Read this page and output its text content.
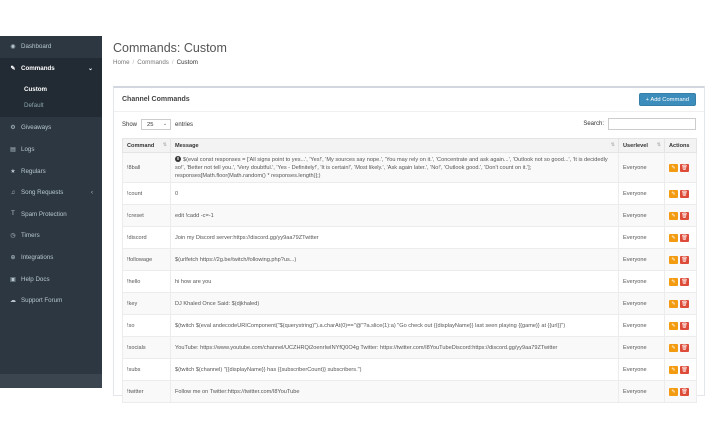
◉ Dashboard
✎ Commands	⌄
Custom
Default
⚙ Giveaways
▤ Logs
★ Regulars
♫ Song Requests	‹
T Spam Protection
◷ Timers
⊕ Integrations
▣ Help Docs
☁ Support Forum
Commands: Custom
Home / Commands / Custom
Channel Commands	+ Add Command
Show 25 ⌄ entries	Search:
Command ⇅	Message ⇅	Userlevel ⇅	Actions
!8ball	8 $(eval const responses = ['All signs point to yes...', 'Yes!', 'My sources say nope.', 'You may rely on it.', 'Concentrate and ask again...', 'Outlook not so good...', 'It is decidedly so!', 'Better not tell you.', 'Very doubtful.', 'Yes - Definitely!', 'It is certain!', 'Most likely.', 'Ask again later.', 'No!', 'Outlook good.', 'Don't count on it.']; responses[Math.floor(Math.random() * responses.length)];)	Everyone	✎ 🗑

!count	0	Everyone	✎ 🗑

!creset	edit !cadd -c=-1	Everyone	✎ 🗑

!discord	Join my Discord server:https://discord.gg/yy9aa79ZTwitter	Everyone	✎ 🗑

!followage	$(urlfetch https://2g.be/twitch/following.php?us...)	Everyone	✎ 🗑

!hello	hi how are you	Everyone	✎ 🗑

!key	DJ Khaled Once Said: $(djkhaled)	Everyone	✎ 🗑

!so	$(twitch $(eval andecodeURIComponent("$(querystring)").a.charAt(0)=="@"?a.slice(1):a) "Go check out {{displayName}} last seen playing {{game}} at {{url}}")	Everyone	✎ 🗑

!socials	YouTube: https://www.youtube.com/channel/UCZHRQi2oenrIwINYfQ0O4g Twitter: https://twitter.com/I8YouTubeDiscord:https://discord.gg/yy9aa79ZTwitter	Everyone	✎ 🗑

!subs	$(twitch $(channel) "{{displayName}} has {{subscriberCount}} subscribers.")	Everyone	✎ 🗑

!twitter	Follow me on Twitter:https://twitter.com/I8YouTube	Everyone	✎ 🗑
